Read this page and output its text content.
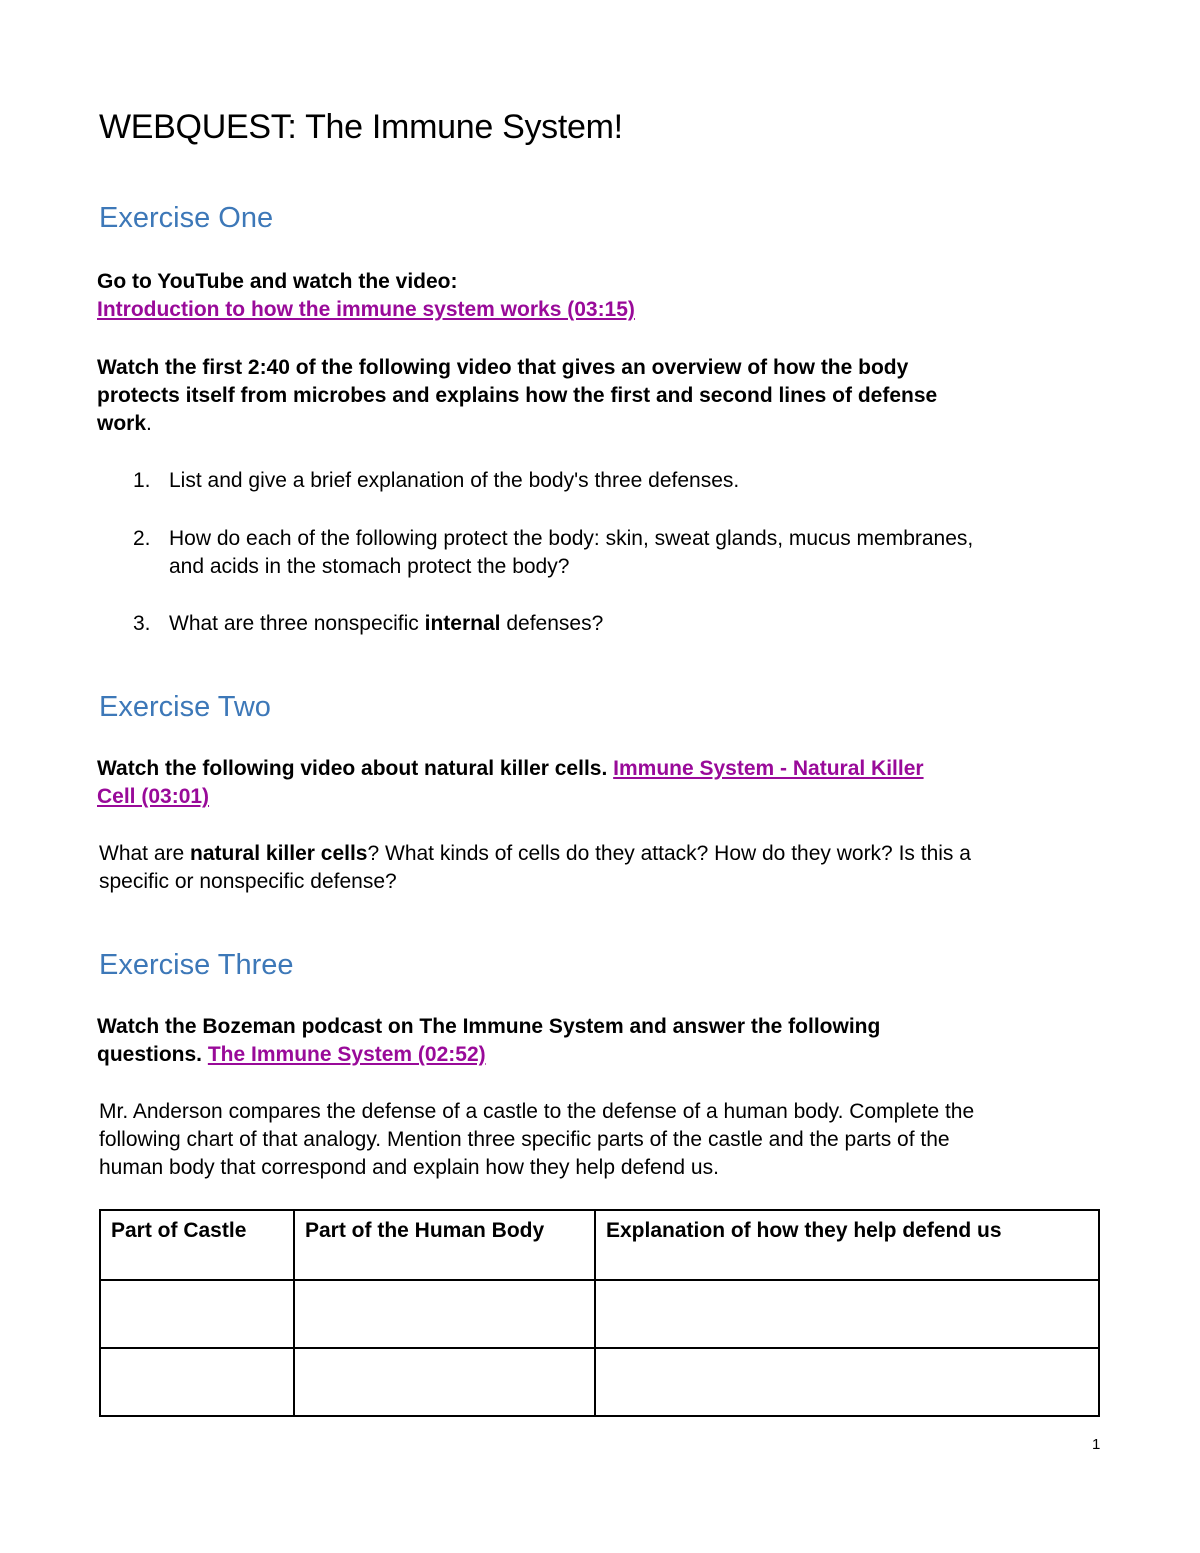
WEBQUEST: The Immune System!
Exercise One
Go to YouTube and watch the video:
Introduction to how the immune system works (03:15)
Watch the first 2:40 of the following video that gives an overview of how the body
protects itself from microbes and explains how the first and second lines of defense
work.
1. List and give a brief explanation of the body's three defenses.
2. How do each of the following protect the body: skin, sweat glands, mucus membranes,
and acids in the stomach protect the body?
3. What are three nonspecific internal defenses?
Exercise Two
Watch the following video about natural killer cells. Immune System - Natural Killer
Cell (03:01)
What are natural killer cells? What kinds of cells do they attack? How do they work? Is this a
specific or nonspecific defense?
Exercise Three
Watch the Bozeman podcast on The Immune System and answer the following
questions. The Immune System (02:52)
Mr. Anderson compares the defense of a castle to the defense of a human body. Complete the
following chart of that analogy. Mention three specific parts of the castle and the parts of the
human body that correspond and explain how they help defend us.
Part of Castle	Part of the Human Body	Explanation of how they help defend us

1
